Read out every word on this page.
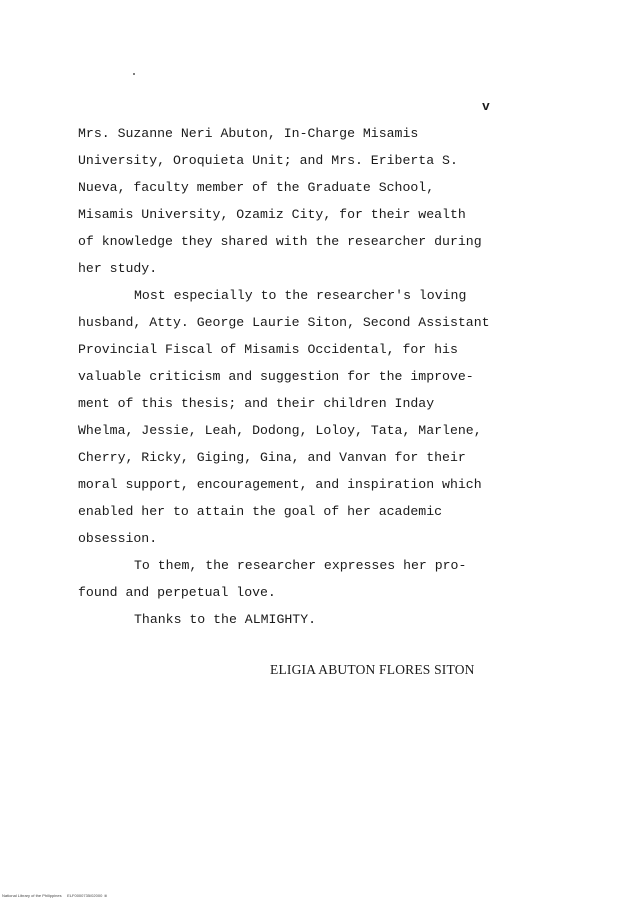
v
Mrs. Suzanne Neri Abuton, In-Charge Misamis
University, Oroquieta Unit; and Mrs. Eriberta S.
Nueva, faculty member of the Graduate School,
Misamis University, Ozamiz City, for their wealth
of knowledge they shared with the researcher during
her study.
Most especially to the researcher's loving
husband, Atty. George Laurie Siton, Second Assistant
Provincial Fiscal of Misamis Occidental, for his
valuable criticism and suggestion for the improve-
ment of this thesis; and their children Inday
Whelma, Jessie, Leah, Dodong, Loloy, Tata, Marlene,
Cherry, Ricky, Giging, Gina, and Vanvan for their
moral support, encouragement, and inspiration which
enabled her to attain the goal of her academic
obsession.
To them, the researcher expresses her pro-
found and perpetual love.
Thanks to the ALMIGHTY.
ELIGIA ABUTON FLORES SITON
National Library of the Philippines     ELF0000735/02000  iii
